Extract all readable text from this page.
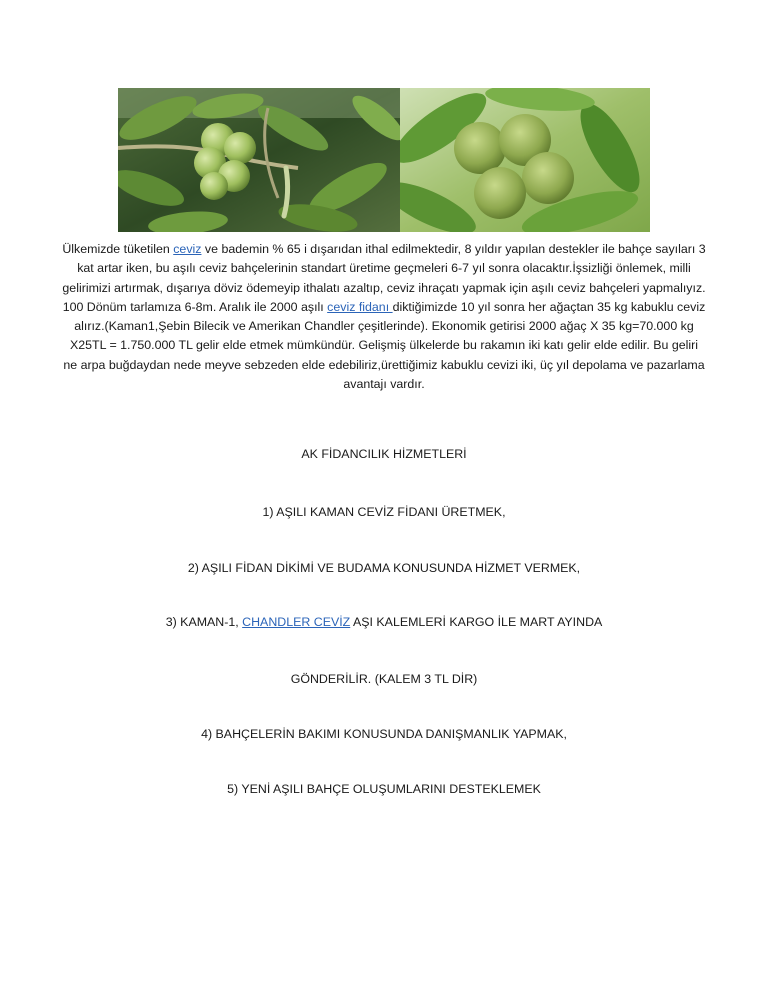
Ülkemizde tüketilen ceviz ve bademin % 65 i dışarıdan ithal edilmektedir, 8 yıldır yapılan destekler ile bahçe sayıları 3 kat artar iken, bu aşılı ceviz bahçelerinin standart üretime geçmeleri 6-7 yıl sonra olacaktır.İşsizliği önlemek, milli gelirimizi artırmak, dışarıya döviz ödemeyip ithalatı azaltıp, ceviz ihraçatı yapmak için aşılı ceviz bahçeleri yapmalıyız. 100 Dönüm tarlamıza 6-8m. Aralık ile 2000 aşılı ceviz fidanı diktiğimizde 10 yıl sonra her ağaçtan 35 kg kabuklu ceviz alırız.(Kaman1,Şebin Bilecik ve Amerikan Chandler çeşitlerinde). Ekonomik getirisi 2000 ağaç X 35 kg=70.000 kg X25TL = 1.750.000 TL gelir elde etmek mümkündür. Gelişmiş ülkelerde bu rakamın iki katı gelir elde edilir. Bu geliri ne arpa buğdaydan nede meyve sebzeden elde edebiliriz,ürettiğimiz kabuklu cevizi iki, üç yıl depolama ve pazarlama avantajı vardır.

AK FİDANCILIK HİZMETLERİ

1) AŞILI KAMAN CEVİZ FİDANI ÜRETMEK,

2) AŞILI FİDAN DİKİMİ VE BUDAMA KONUSUNDA HİZMET VERMEK,

3) KAMAN-1, CHANDLER CEVİZ AŞI KALEMLERİ KARGO İLE MART AYINDA

GÖNDERİLİR. (KALEM 3 TL DİR)

4) BAHÇELERİN BAKIMI KONUSUNDA DANIŞMANLIK YAPMAK,

5) YENİ AŞILI BAHÇE OLUŞUMLARINI DESTEKLEMEK
